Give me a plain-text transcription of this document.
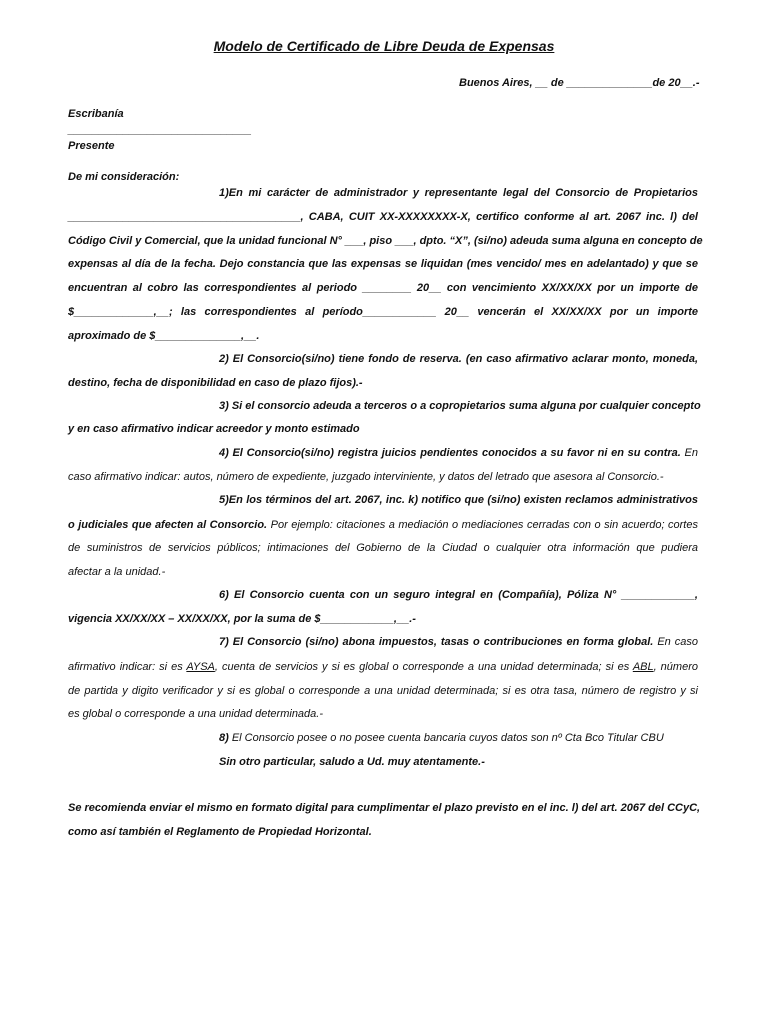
Modelo de Certificado de Libre Deuda de Expensas
Buenos Aires, __ de ______________de 20__.-
Escribanía
______________________________
Presente
De mi consideración:
1)En mi carácter de administrador y representante legal del Consorcio de Propietarios
______________________________________, CABA, CUIT XX-XXXXXXXX-X, certifico conforme al art. 2067 inc. l) del
Código Civil y Comercial, que la unidad funcional N° ___, piso ___, dpto. “X”, (si/no) adeuda suma alguna en concepto de
expensas al día de la fecha. Dejo constancia que las expensas se liquidan (mes vencido/ mes en adelantado) y que se
encuentran al cobro las correspondientes al periodo ________ 20__ con vencimiento XX/XX/XX por un importe de
$_____________,__; las correspondientes al período____________ 20__ vencerán el XX/XX/XX por un importe
aproximado de $______________,__.
2) El Consorcio(si/no) tiene fondo de reserva. (en caso afirmativo aclarar monto, moneda,
destino, fecha de disponibilidad en caso de plazo fijos).-
3) Si el consorcio adeuda a terceros o a copropietarios suma alguna por cualquier concepto
y en caso afirmativo indicar acreedor y monto estimado
4) El Consorcio(si/no) registra juicios pendientes conocidos a su favor ni en su contra. En
caso afirmativo indicar: autos, número de expediente, juzgado interviniente, y datos del letrado que asesora al Consorcio.-
5)En los términos del art. 2067, inc. k) notifico que (si/no) existen reclamos administrativos
o judiciales que afecten al Consorcio. Por ejemplo: citaciones a mediación o mediaciones cerradas con o sin acuerdo; cortes
de suministros de servicios públicos; intimaciones del Gobierno de la Ciudad o cualquier otra información que pudiera
afectar a la unidad.-
6) El Consorcio cuenta con un seguro integral en (Compañía), Póliza N° ____________,
vigencia XX/XX/XX – XX/XX/XX, por la suma de $____________,__.-
7) El Consorcio (si/no) abona impuestos, tasas o contribuciones en forma global. En caso
afirmativo indicar: si es AYSA, cuenta de servicios y si es global o corresponde a una unidad determinada; si es ABL, número
de partida y digito verificador y si es global o corresponde a una unidad determinada; si es otra tasa, número de registro y si
es global o corresponde a una unidad determinada.-
8) El Consorcio posee o no posee cuenta bancaria cuyos datos son nº Cta Bco Titular CBU
Sin otro particular, saludo a Ud. muy atentamente.-
Se recomienda enviar el mismo en formato digital para cumplimentar el plazo previsto en el inc. l) del art. 2067 del CCyC,
como así también el Reglamento de Propiedad Horizontal.
